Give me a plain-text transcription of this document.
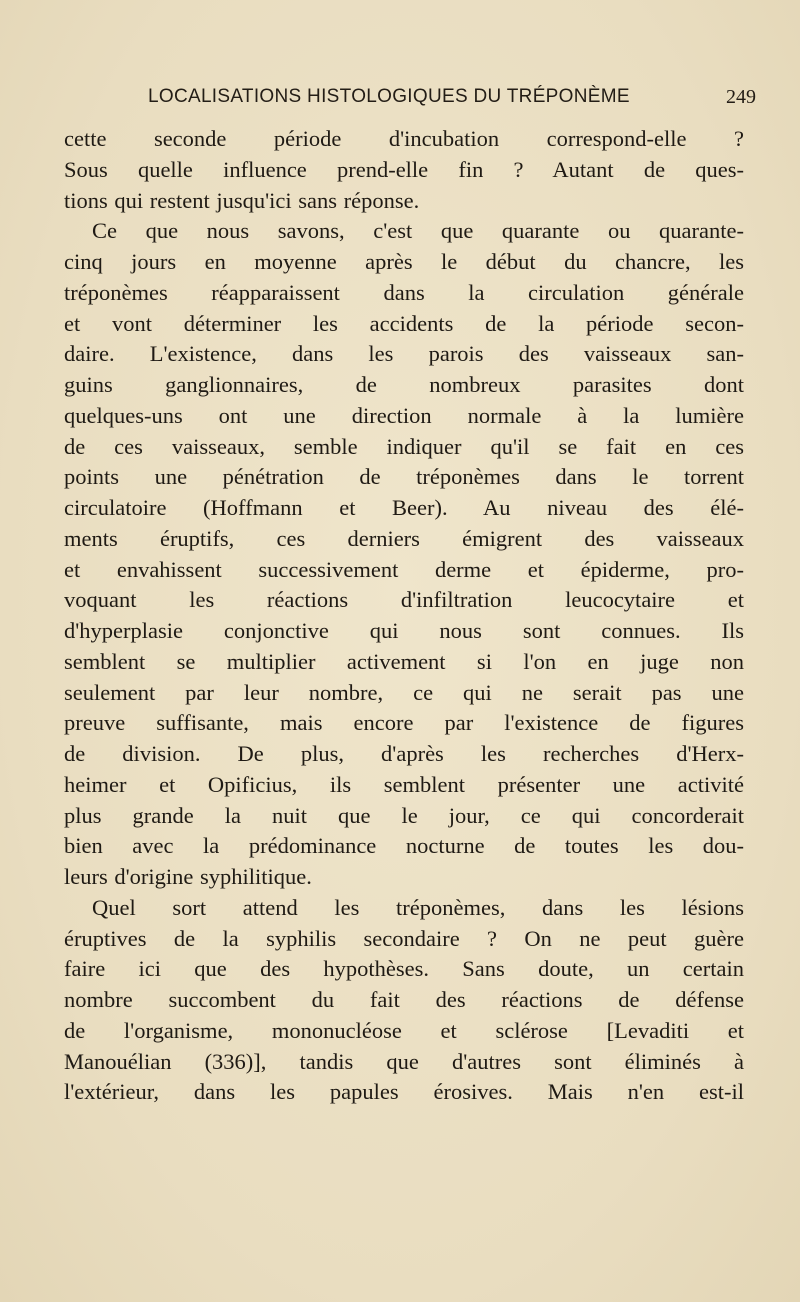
LOCALISATIONS HISTOLOGIQUES DU TRÉPONÈME	249
cette seconde période d'incubation correspond-elle ?
Sous quelle influence prend-elle fin ? Autant de ques-
tions qui restent jusqu'ici sans réponse.
Ce que nous savons, c'est que quarante ou quarante-
cinq jours en moyenne après le début du chancre, les
tréponèmes réapparaissent dans la circulation générale
et vont déterminer les accidents de la période secon-
daire. L'existence, dans les parois des vaisseaux san-
guins ganglionnaires, de nombreux parasites dont
quelques-uns ont une direction normale à la lumière
de ces vaisseaux, semble indiquer qu'il se fait en ces
points une pénétration de tréponèmes dans le torrent
circulatoire (Hoffmann et Beer). Au niveau des élé-
ments éruptifs, ces derniers émigrent des vaisseaux
et envahissent successivement derme et épiderme, pro-
voquant les réactions d'infiltration leucocytaire et
d'hyperplasie conjonctive qui nous sont connues. Ils
semblent se multiplier activement si l'on en juge non
seulement par leur nombre, ce qui ne serait pas une
preuve suffisante, mais encore par l'existence de figures
de division. De plus, d'après les recherches d'Herx-
heimer et Opificius, ils semblent présenter une activité
plus grande la nuit que le jour, ce qui concorderait
bien avec la prédominance nocturne de toutes les dou-
leurs d'origine syphilitique.
Quel sort attend les tréponèmes, dans les lésions
éruptives de la syphilis secondaire ? On ne peut guère
faire ici que des hypothèses. Sans doute, un certain
nombre succombent du fait des réactions de défense
de l'organisme, mononucléose et sclérose [Levaditi et
Manouélian (336)], tandis que d'autres sont éliminés à
l'extérieur, dans les papules érosives. Mais n'en est-il
